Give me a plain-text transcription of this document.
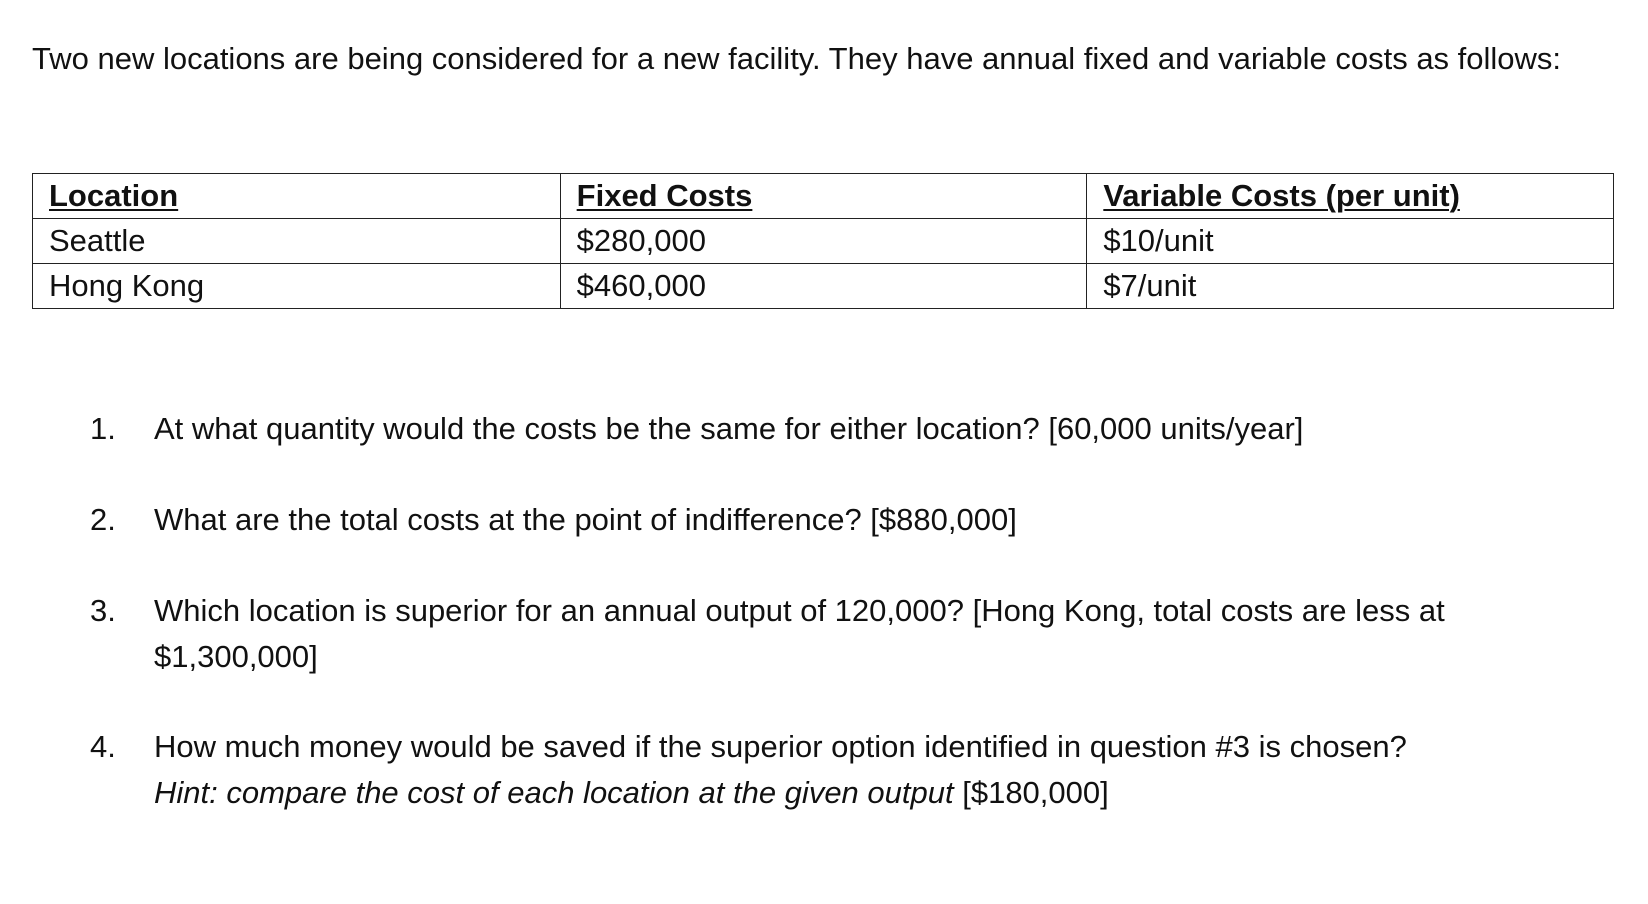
Two new locations are being considered for a new facility. They have annual fixed and variable costs as follows:

Location	Fixed Costs	Variable Costs (per unit)
Seattle	$280,000	$10/unit
Hong Kong	$460,000	$7/unit
1.	At what quantity would the costs be the same for either location? [60,000 units/year]
2.	What are the total costs at the point of indifference? [$880,000]
3.	Which location is superior for an annual output of 120,000? [Hong Kong, total costs are less at $1,300,000]
4.	How much money would be saved if the superior option identified in question #3 is chosen?
Hint: compare the cost of each location at the given output [$180,000]
